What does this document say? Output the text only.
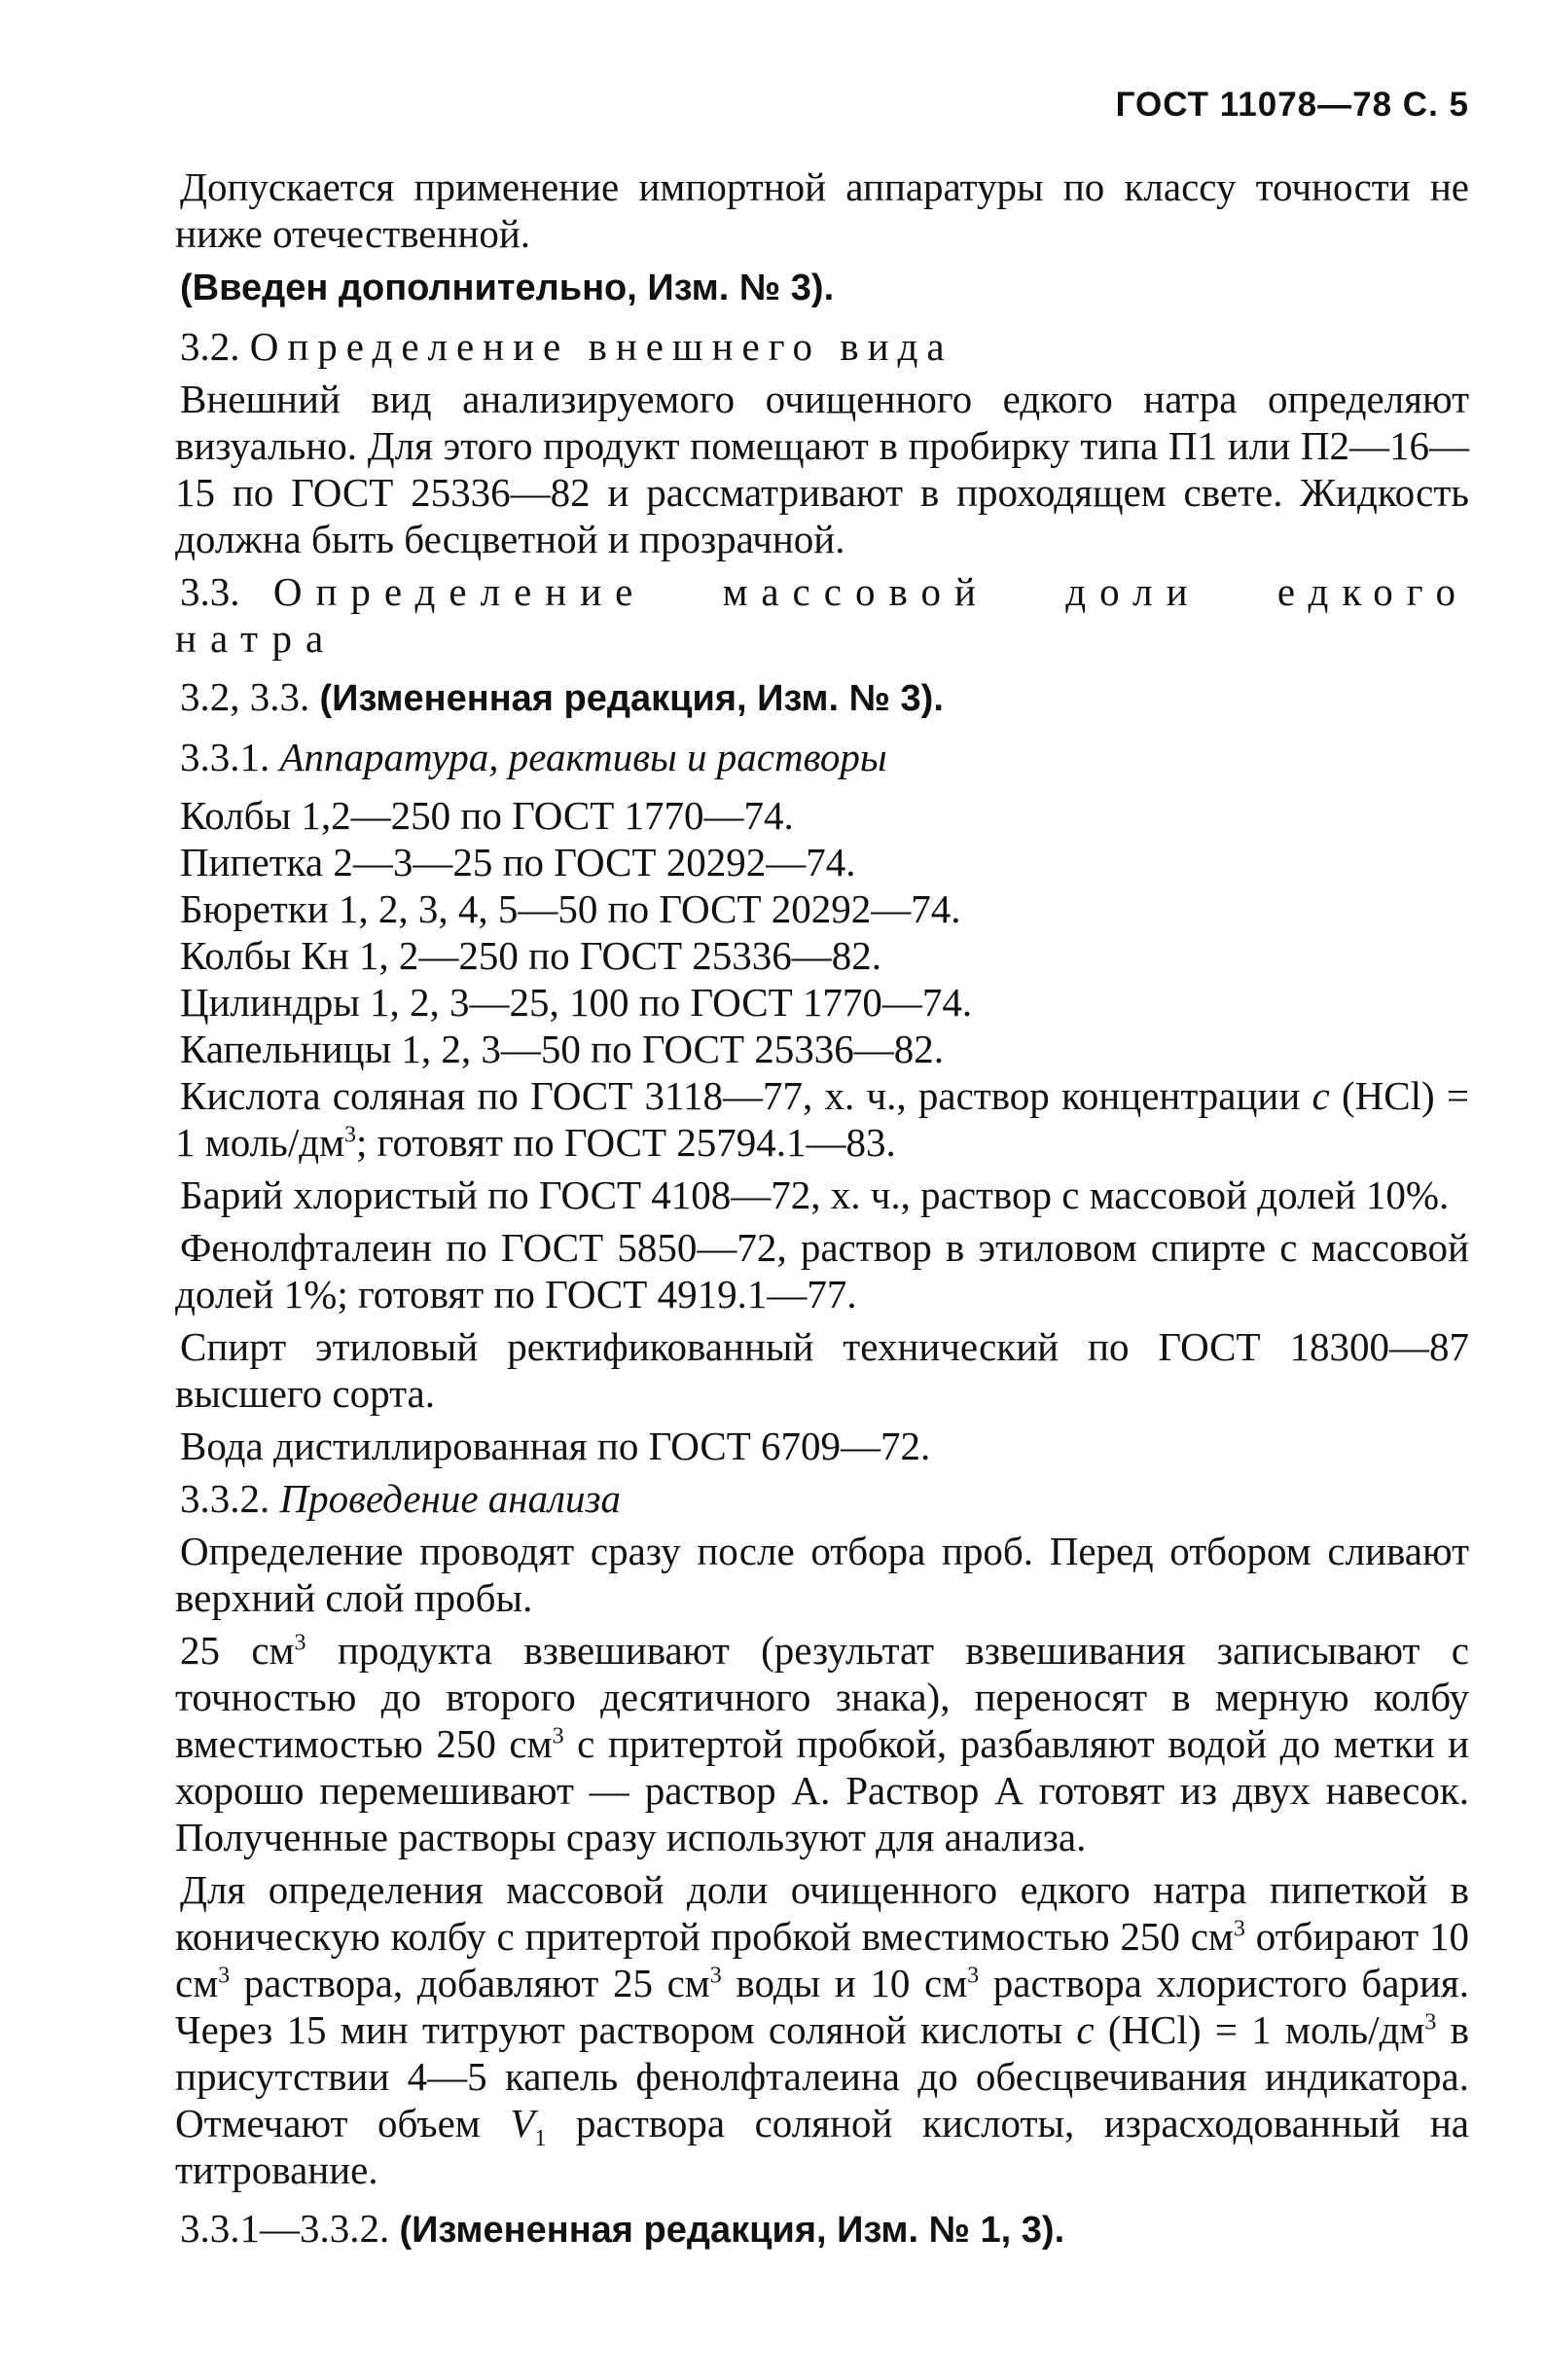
ГОСТ 11078—78 С. 5

Допускается применение импортной аппаратуры по классу точности не ниже отечественной.

(Введен дополнительно, Изм. № 3).

3.2. Определение внешнего вида

Внешний вид анализируемого очищенного едкого натра определяют визуально. Для этого продукт помещают в пробирку типа П1 или П2—16—15 по ГОСТ 25336—82 и рассматривают в проходящем свете. Жидкость должна быть бесцветной и прозрачной.

3.3. Определение массовой доли едкого натра

3.2, 3.3. (Измененная редакция, Изм. № 3).

3.3.1. Аппаратура, реактивы и растворы

Колбы 1,2—250 по ГОСТ 1770—74.

Пипетка 2—3—25 по ГОСТ 20292—74.

Бюретки 1, 2, 3, 4, 5—50 по ГОСТ 20292—74.

Колбы Кн 1, 2—250 по ГОСТ 25336—82.

Цилиндры 1, 2, 3—25, 100 по ГОСТ 1770—74.

Капельницы 1, 2, 3—50 по ГОСТ 25336—82.

Кислота соляная по ГОСТ 3118—77, х. ч., раствор концентрации c (HCl) = 1 моль/$дм^3$; готовят по ГОСТ 25794.1—83.

Барий хлористый по ГОСТ 4108—72, х. ч., раствор с массовой долей 10%.

Фенолфталеин по ГОСТ 5850—72, раствор в этиловом спирте с массовой долей 1%; готовят по ГОСТ 4919.1—77.

Спирт этиловый ректификованный технический по ГОСТ 18300—87 высшего сорта.

Вода дистиллированная по ГОСТ 6709—72.

3.3.2. Проведение анализа

Определение проводят сразу после отбора проб. Перед отбором сливают верхний слой пробы.

25 $см^3$ продукта взвешивают (результат взвешивания записывают с точностью до второго десятичного знака), переносят в мерную колбу вместимостью 250 $см^3$ с притертой пробкой, разбавляют водой до метки и хорошо перемешивают — раствор А. Раствор А готовят из двух навесок. Полученные растворы сразу используют для анализа.

Для определения массовой доли очищенного едкого натра пипеткой в коническую колбу с притертой пробкой вместимостью 250 $см^3$ отбирают 10 $см^3$ раствора, добавляют 25 $см^3$ воды и 10 $см^3$ раствора хлористого бария. Через 15 мин титруют раствором соляной кислоты c (HCl) = 1 моль/$дм^3$ в присутствии 4—5 капель фенолфталеина до обесцвечивания индикатора. Отмечают объем $V_1$ раствора соляной кислоты, израсходованный на титрование.

3.3.1—3.3.2. (Измененная редакция, Изм. № 1, 3).
